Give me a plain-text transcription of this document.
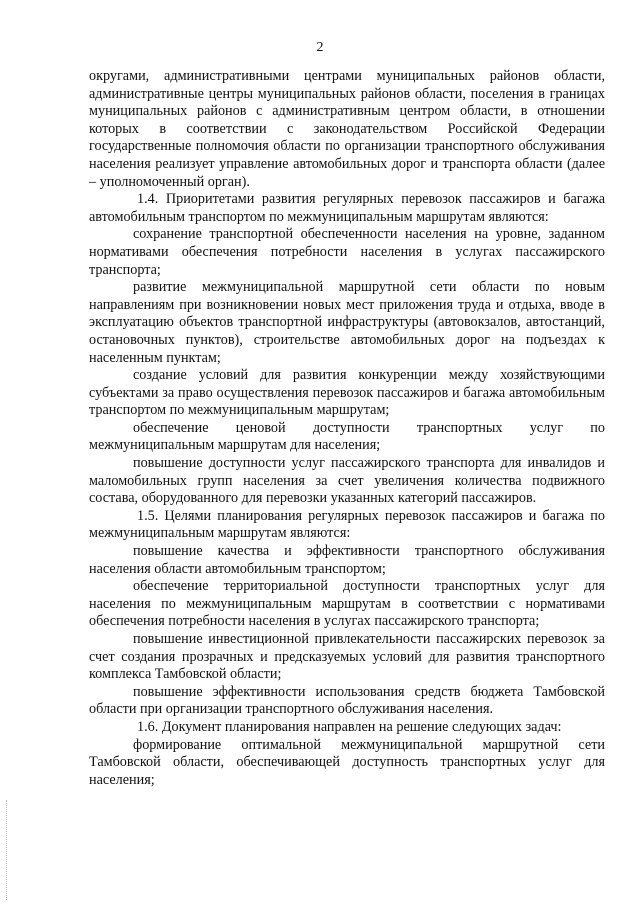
2

округами, административными центрами муниципальных районов области, административные центры муниципальных районов области, поселения в границах муниципальных районов с административным центром области, в отношении которых в соответствии с законодательством Российской Федерации государственные полномочия области по организации транспортного обслуживания населения реализует управление автомобильных дорог и транспорта области (далее – уполномоченный орган).

1.4. Приоритетами развития регулярных перевозок пассажиров и багажа автомобильным транспортом по межмуниципальным маршрутам являются:

сохранение транспортной обеспеченности населения на уровне, заданном нормативами обеспечения потребности населения в услугах пассажирского транспорта;

развитие межмуниципальной маршрутной сети области по новым направлениям при возникновении новых мест приложения труда и отдыха, вводе в эксплуатацию объектов транспортной инфраструктуры (автовокзалов, автостанций, остановочных пунктов), строительстве автомобильных дорог на подъездах к населенным пунктам;

создание условий для развития конкуренции между хозяйствующими субъектами за право осуществления перевозок пассажиров и багажа автомобильным транспортом по межмуниципальным маршрутам;

обеспечение ценовой доступности транспортных услуг по межмуниципальным маршрутам для населения;

повышение доступности услуг пассажирского транспорта для инвалидов и маломобильных групп населения за счет увеличения количества подвижного состава, оборудованного для перевозки указанных категорий пассажиров.

1.5. Целями планирования регулярных перевозок пассажиров и багажа по межмуниципальным маршрутам являются:

повышение качества и эффективности транспортного обслуживания населения области автомобильным транспортом;

обеспечение территориальной доступности транспортных услуг для населения по межмуниципальным маршрутам в соответствии с нормативами обеспечения потребности населения в услугах пассажирского транспорта;

повышение инвестиционной привлекательности пассажирских перевозок за счет создания прозрачных и предсказуемых условий для развития транспортного комплекса Тамбовской области;

повышение эффективности использования средств бюджета Тамбовской области при организации транспортного обслуживания населения.

1.6. Документ планирования направлен на решение следующих задач:

формирование оптимальной межмуниципальной маршрутной сети Тамбовской области, обеспечивающей доступность транспортных услуг для населения;
